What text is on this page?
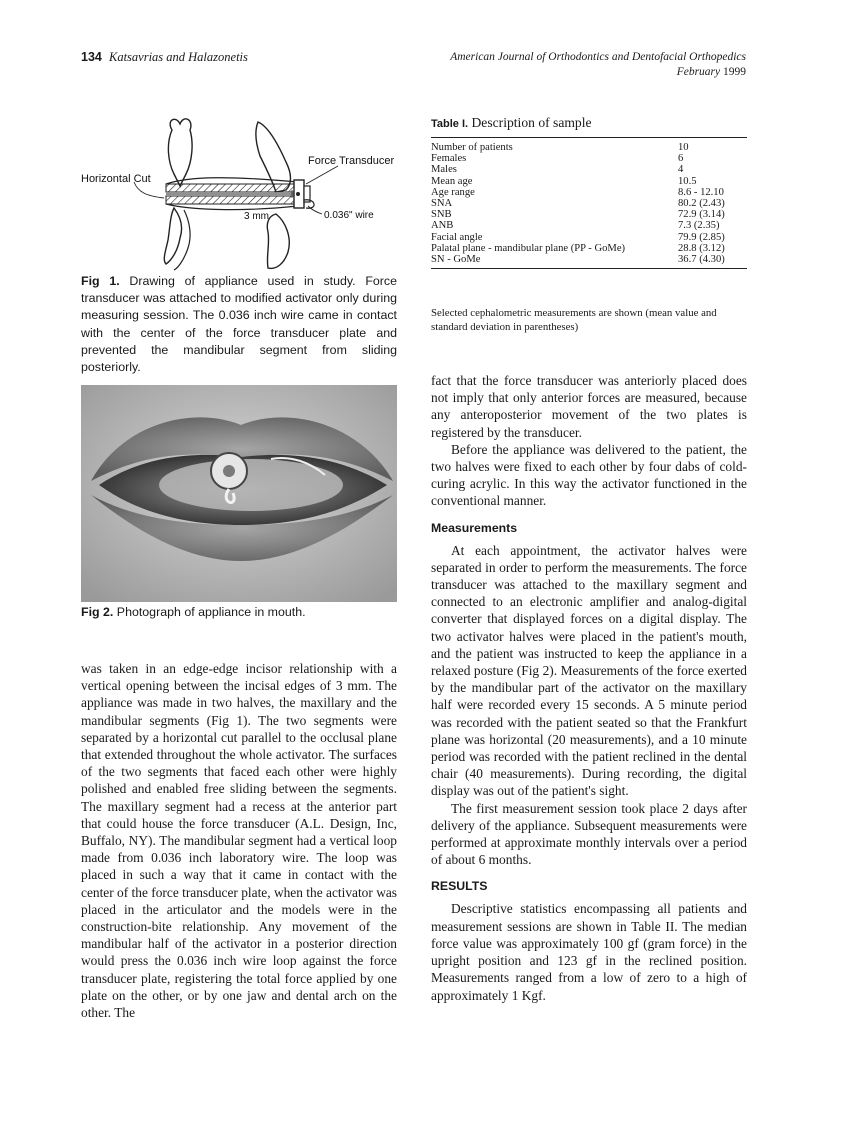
134 Katsavrias and Halazonetis	American Journal of Orthodontics and Dentofacial Orthopedics
February 1999
Horizontal Cut
Force Transducer
3 mm	0.036" wire
Fig 1. Drawing of appliance used in study. Force transducer was attached to modified activator only during measuring session. The 0.036 inch wire came in contact with the center of the force transducer plate and prevented the mandibular segment from sliding posteriorly.
Fig 2. Photograph of appliance in mouth.
Table I. Description of sample
Number of patients	10
Females	6
Males	4
Mean age	10.5
Age range	8.6 - 12.10
SNA	80.2 (2.43)
SNB	72.9 (3.14)
ANB	7.3 (2.35)
Facial angle	79.9 (2.85)
Palatal plane - mandibular plane (PP - GoMe)	28.8 (3.12)
SN - GoMe	36.7 (4.30)
Selected cephalometric measurements are shown (mean value and standard deviation in parentheses)

was taken in an edge-edge incisor relationship with a vertical opening between the incisal edges of 3 mm. The appliance was made in two halves, the maxillary and the mandibular segments (Fig 1). The two segments were separated by a horizontal cut parallel to the occlusal plane that extended throughout the whole activator. The surfaces of the two segments that faced each other were highly polished and enabled free sliding between the segments. The maxillary segment had a recess at the anterior part that could house the force transducer (A.L. Design, Inc, Buffalo, NY). The mandibular segment had a vertical loop made from 0.036 inch laboratory wire. The loop was placed in such a way that it came in contact with the center of the force transducer plate, when the activator was placed in the articulator and the models were in the construction-bite relationship. Any movement of the mandibular half of the activator in a posterior direction would press the 0.036 inch wire loop against the force transducer plate, registering the total force applied by one plate on the other, or by one jaw and dental arch on the other. The

fact that the force transducer was anteriorly placed does not imply that only anterior forces are measured, because any anteroposterior movement of the two plates is registered by the transducer.

Before the appliance was delivered to the patient, the two halves were fixed to each other by four dabs of cold-curing acrylic. In this way the activator functioned in the conventional manner.

Measurements

At each appointment, the activator halves were separated in order to perform the measurements. The force transducer was attached to the maxillary segment and connected to an electronic amplifier and analog-digital converter that displayed forces on a digital display. The two activator halves were placed in the patient's mouth, and the patient was instructed to keep the appliance in a relaxed posture (Fig 2). Measurements of the force exerted by the mandibular part of the activator on the maxillary half were recorded every 15 seconds. A 5 minute period was recorded with the patient seated so that the Frankfurt plane was horizontal (20 measurements), and a 10 minute period was recorded with the patient reclined in the dental chair (40 measurements). During recording, the digital display was out of the patient's sight.

The first measurement session took place 2 days after delivery of the appliance. Subsequent measurements were performed at approximate monthly intervals over a period of about 6 months.

RESULTS

Descriptive statistics encompassing all patients and measurement sessions are shown in Table II. The median force value was approximately 100 gf (gram force) in the upright position and 123 gf in the reclined position. Measurements ranged from a low of zero to a high of approximately 1 Kgf.
